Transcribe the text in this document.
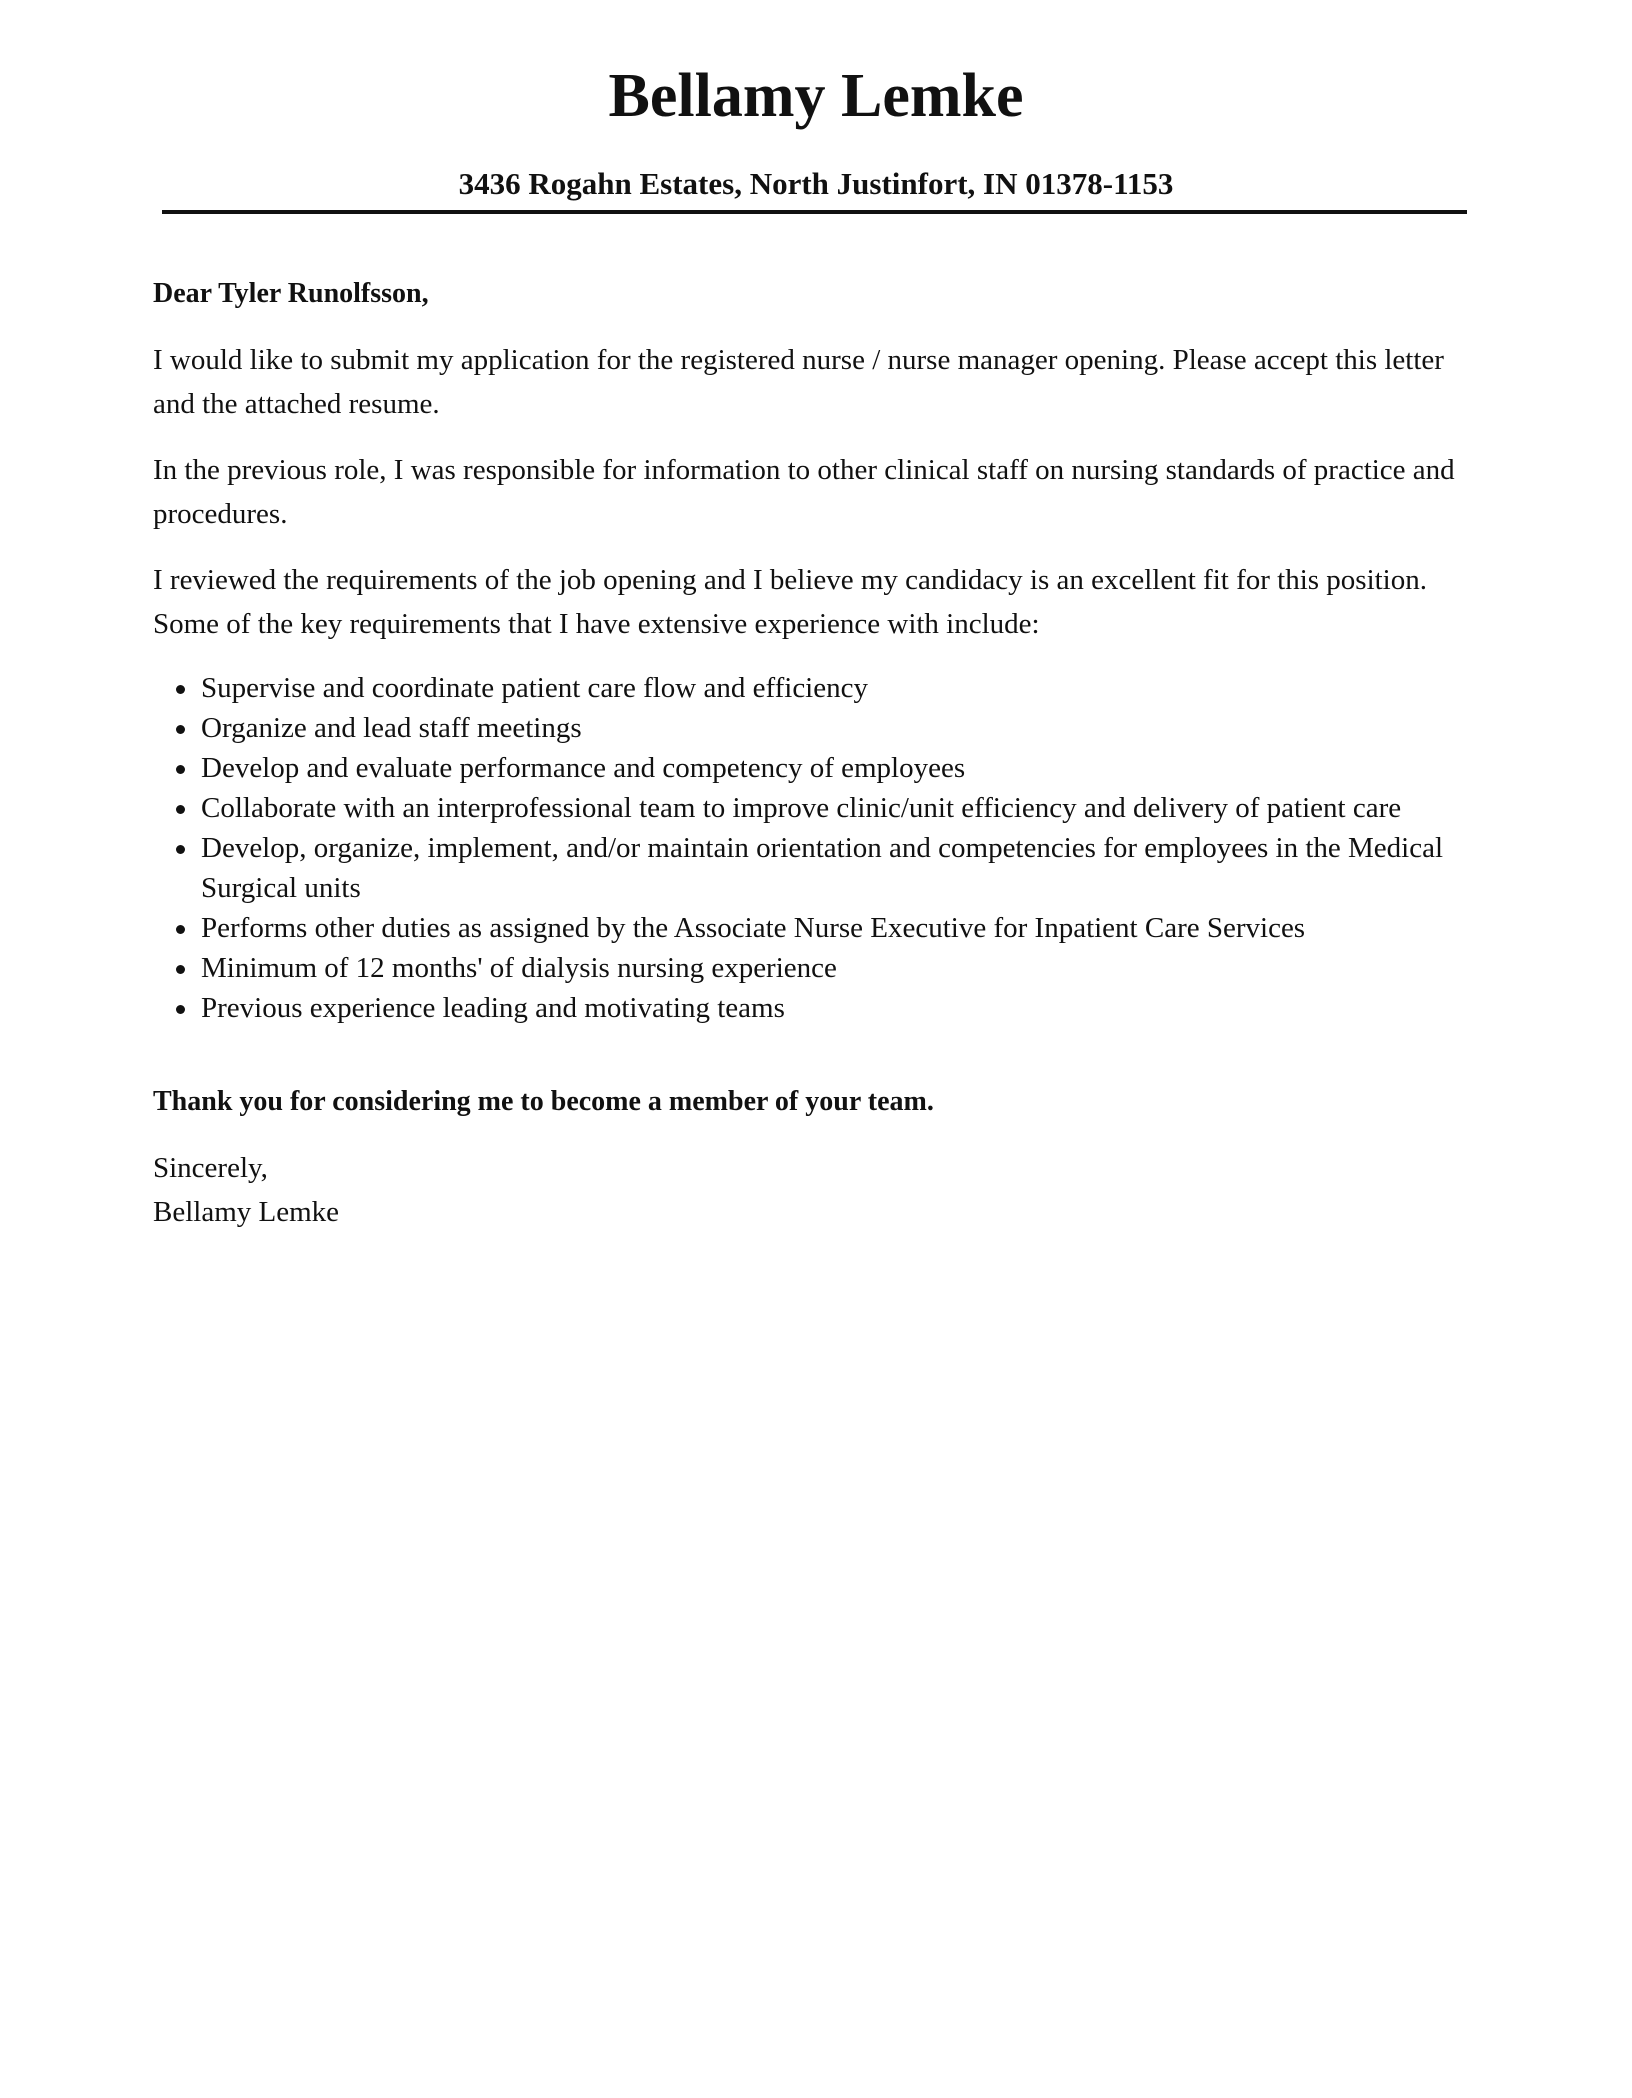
Bellamy Lemke
3436 Rogahn Estates, North Justinfort, IN 01378-1153

Dear Tyler Runolfsson,

I would like to submit my application for the registered nurse / nurse manager opening. Please accept this letter and the attached resume.

In the previous role, I was responsible for information to other clinical staff on nursing standards of practice and procedures.

I reviewed the requirements of the job opening and I believe my candidacy is an excellent fit for this position. Some of the key requirements that I have extensive experience with include:

Supervise and coordinate patient care flow and efficiency
Organize and lead staff meetings
Develop and evaluate performance and competency of employees
Collaborate with an interprofessional team to improve clinic/unit efficiency and delivery of patient care
Develop, organize, implement, and/or maintain orientation and competencies for employees in the Medical Surgical units
Performs other duties as assigned by the Associate Nurse Executive for Inpatient Care Services
Minimum of 12 months' of dialysis nursing experience
Previous experience leading and motivating teams

Thank you for considering me to become a member of your team.

Sincerely,

Bellamy Lemke
